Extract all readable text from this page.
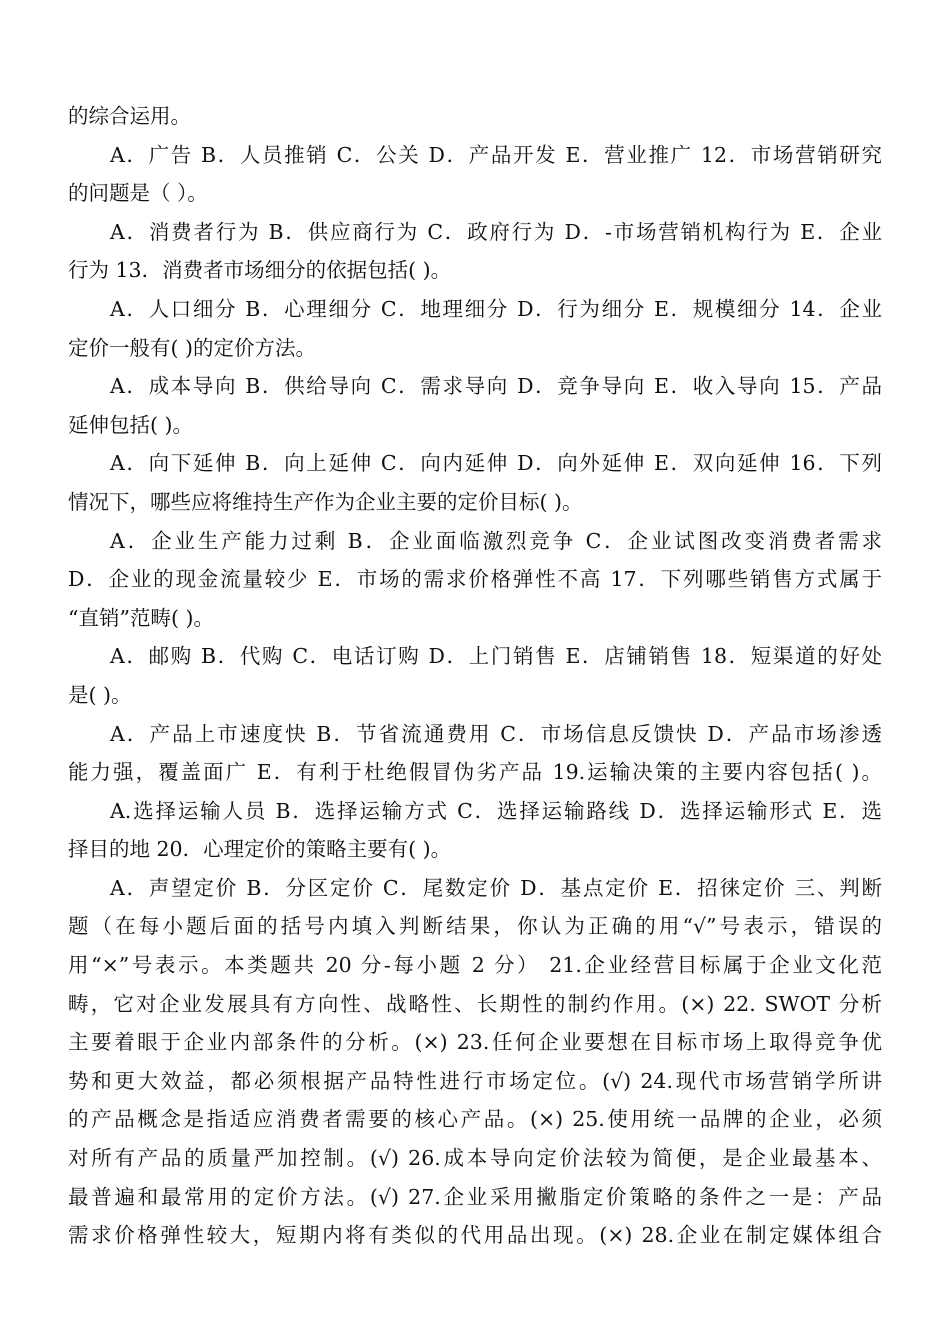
的综合运用。
A．广告 B．人员推销 C．公关 D．产品开发 E．营业推广 12．市场营销研究
的问题是（ ）。
A．消费者行为 B．供应商行为 C．政府行为 D．-市场营销机构行为 E．企业
行为 13．消费者市场细分的依据包括( )。
A．人口细分 B．心理细分 C．地理细分 D．行为细分 E．规模细分 14．企业
定价一般有( )的定价方法。
A．成本导向 B．供给导向 C．需求导向 D．竞争导向 E．收入导向 15．产品
延伸包括( )。
A．向下延伸 B．向上延伸 C．向内延伸 D．向外延伸 E．双向延伸 16．下列
情况下，哪些应将维持生产作为企业主要的定价目标( )。
A．企业生产能力过剩 B．企业面临激烈竞争 C．企业试图改变消费者需求
D．企业的现金流量较少 E．市场的需求价格弹性不高 17．下列哪些销售方式属于
“直销”范畴( )。
A．邮购 B．代购 C．电话订购 D．上门销售 E．店铺销售 18．短渠道的好处
是( )。
A．产品上市速度快 B．节省流通费用 C．市场信息反馈快 D．产品市场渗透
能力强，覆盖面广 E．有利于杜绝假冒伪劣产品 19.运输决策的主要内容包括( )。
A.选择运输人员 B．选择运输方式 C．选择运输路线 D．选择运输形式 E．选
择目的地 20．心理定价的策略主要有( )。
A．声望定价 B．分区定价 C．尾数定价 D．基点定价 E．招徕定价 三、判断
题（在每小题后面的括号内填入判断结果，你认为正确的用“√”号表示，错误的
用“×”号表示。本类题共 20 分-每小题 2 分） 21.企业经营目标属于企业文化范
畴，它对企业发展具有方向性、战略性、长期性的制约作用。(×) 22. SWOT 分析
主要着眼于企业内部条件的分析。(×) 23.任何企业要想在目标市场上取得竞争优
势和更大效益，都必须根据产品特性进行市场定位。(√) 24.现代市场营销学所讲
的产品概念是指适应消费者需要的核心产品。(×) 25.使用统一品牌的企业，必须
对所有产品的质量严加控制。(√) 26.成本导向定价法较为简便，是企业最基本、
最普遍和最常用的定价方法。(√) 27.企业采用撇脂定价策略的条件之一是：产品
需求价格弹性较大，短期内将有类似的代用品出现。(×) 28.企业在制定媒体组合
